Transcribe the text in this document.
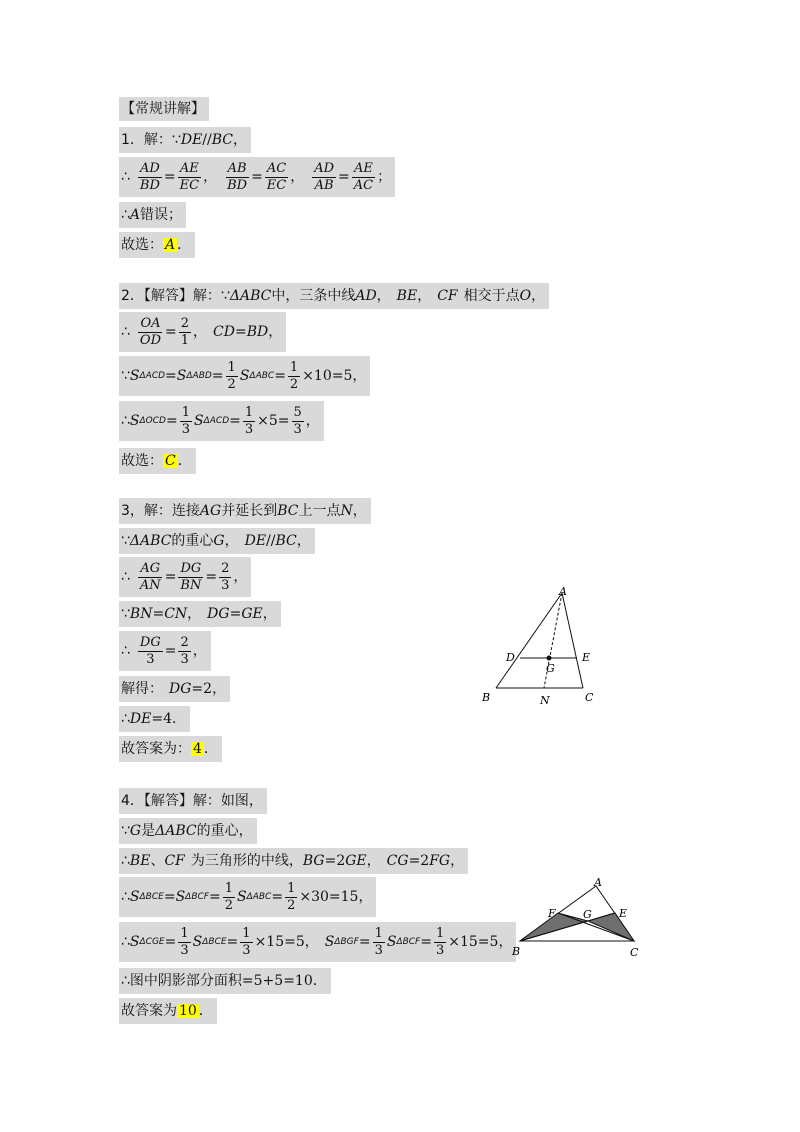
【常规讲解】
1．解： ∵ DE // BC ，
∴ $\frac{AD}{BD} = \frac{AE}{EC}$ ， $\frac{AB}{BD} = \frac{AC}{EC}$ ， $\frac{AD}{AB} = \frac{AE}{AC}$ ；
∴ A 错误；
故选： A ．
2．【解答】解： ∵ ΔABC 中，三条中线 AD ， BE ， CF 相交于点 O ，
∴ $\frac{OA}{OD} = \frac{2}{1}$ ， CD = BD ，
∵ S ΔACD = S $\Delta ABD = \frac{1}{2}$ S $\Delta ABC = \frac{1}{2} \times 10=5$ ，
∴ S $\Delta OCD = \frac{1}{3}$ S $\Delta ACD = \frac{1}{3} \times 5= \frac{5}{3}$ ，
故选： C ．
3，解：连接 AG 并延长到 BC 上一点 N ，
∵ ΔABC 的重心 G ， DE // BC ，
∴ $\frac{AG}{AN} = \frac{DG}{BN} = \frac{2}{3}$ ，
∵ BN = CN ， DG = GE ，
∴ $\frac{DG}{3} = \frac{2}{3}$ ，
解得： DG =2 ，
∴ DE =4 ．
故答案为： 4 ．
A
D	E
G
B	N	C
4．【解答】解：如图，
∵ G 是 ΔABC 的重心，
∴ BE 、 CF 为三角形的中线， BG =2 GE ， CG =2 FG ，
∴ S ΔBCE = S $\Delta BCF = \frac{1}{2}$ S $\Delta ABC = \frac{1}{2} \times 30=15$ ，
∴ S $\Delta CGE = \frac{1}{3}$ S $\Delta BCE = \frac{1}{3} \times 15=5$ ， S $\Delta BGF = \frac{1}{3}$ S $\Delta BCF = \frac{1}{3} \times 15=5$ ，
∴图中阴影部分面积 =5+5=10 ．
故答案为 10 ．
A
F G E
B	C
